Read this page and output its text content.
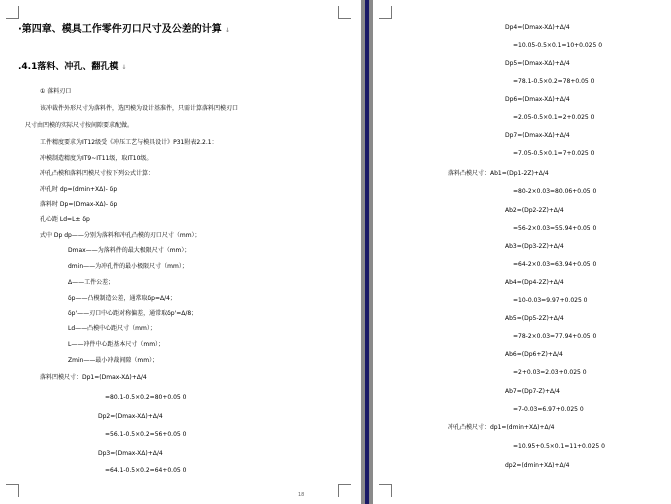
·第四章、模具工作零件刃口尺寸及公差的计算 ↓
.4.1落料、冲孔、翻孔模 ↓
① 落料刃口
该冲裁件外形尺寸为落料件，选凹模为设计基准件，只需计算落料凹模刃口
尺寸由凹模的实际尺寸按间隙要求配做。
工件精度要求为IT12级受《冲压工艺与模具设计》P31附表2.2.1：
冲模制造精度为IT9~IT11级，取IT10级。
冲孔凸模和落料凹模尺寸按下列公式计算：
冲孔时 dp=(dmin+XΔ)- δp
落料时 Dp=(Dmax-XΔ)- δp
孔心距 Ld=L± δp
式中 Dp dp——分别为落料和冲孔凸模的刃口尺寸（mm）；
Dmax——为落料件的最大极限尺寸（mm）；
dmin——为冲孔件的最小极限尺寸（mm）；
Δ——工件公差；
δp——凸模制造公差，通常取δp=Δ/4；
δp'——刃口中心距对称偏差，通常取δp'=Δ/8；
Ld——凸模中心距尺寸（mm）；
L——冲件中心距基本尺寸（mm）；
Zmin——最小冲裁间隙（mm）；
落料凹模尺寸：Dp1=(Dmax-XΔ)+Δ/4
=80.1-0.5×0.2=80+0.05 0
Dp2=(Dmax-XΔ)+Δ/4
=56.1-0.5×0.2=56+0.05 0
Dp3=(Dmax-XΔ)+Δ/4
=64.1-0.5×0.2=64+0.05 0
18
Dp4=(Dmax-XΔ)+Δ/4
=10.05-0.5×0.1=10+0.025 0
Dp5=(Dmax-XΔ)+Δ/4
=78.1-0.5×0.2=78+0.05 0
Dp6=(Dmax-XΔ)+Δ/4
=2.05-0.5×0.1=2+0.025 0
Dp7=(Dmax-XΔ)+Δ/4
=7.05-0.5×0.1=7+0.025 0
落料凸模尺寸：Ab1=(Dp1-2Z)+Δ/4
=80-2×0.03=80.06+0.05 0
Ab2=(Dp2-2Z)+Δ/4
=56-2×0.03=55.94+0.05 0
Ab3=(Dp3-2Z)+Δ/4
=64-2×0.03=63.94+0.05 0
Ab4=(Dp4-2Z)+Δ/4
=10-0.03=9.97+0.025 0
Ab5=(Dp5-2Z)+Δ/4
=78-2×0.03=77.94+0.05 0
Ab6=(Dp6+Z)+Δ/4
=2+0.03=2.03+0.025 0
Ab7=(Dp7-Z)+Δ/4
=7-0.03=6.97+0.025 0
冲孔凸模尺寸：dp1=(dmin+XΔ)+Δ/4
=10.95+0.5×0.1=11+0.025 0
dp2=(dmin+XΔ)+Δ/4
